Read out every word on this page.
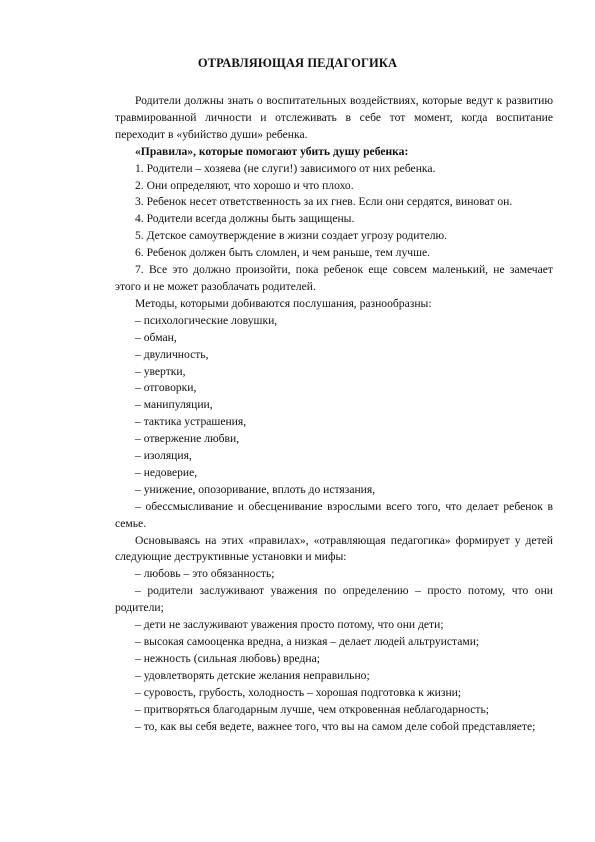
ОТРАВЛЯЮЩАЯ ПЕДАГОГИКА

Родители должны знать о воспитательных воздействиях, которые ведут к развитию травмированной личности и отслеживать в себе тот момент, когда воспитание переходит в «убийство души» ребенка.

«Правила», которые помогают убить душу ребенка:

1. Родители – хозяева (не слуги!) зависимого от них ребенка.

2. Они определяют, что хорошо и что плохо.

3. Ребенок несет ответственность за их гнев. Если они сердятся, виноват он.

4. Родители всегда должны быть защищены.

5. Детское самоутверждение в жизни создает угрозу родителю.

6. Ребенок должен быть сломлен, и чем раньше, тем лучше.

7. Все это должно произойти, пока ребенок еще совсем маленький, не замечает этого и не может разоблачать родителей.

Методы, которыми добиваются послушания, разнообразны:

– психологические ловушки,

– обман,

– двуличность,

– увертки,

– отговорки,

– манипуляции,

– тактика устрашения,

– отвержение любви,

– изоляция,

– недоверие,

– унижение, опозоривание, вплоть до истязания,

– обессмысливание и обесценивание взрослыми всего того, что делает ребенок в семье.

Основываясь на этих «правилах», «отравляющая педагогика» формирует у детей следующие деструктивные установки и мифы:

– любовь – это обязанность;

– родители заслуживают уважения по определению – просто потому, что они родители;

– дети не заслуживают уважения просто потому, что они дети;

– высокая самооценка вредна, а низкая – делает людей альтруистами;

– нежность (сильная любовь) вредна;

– удовлетворять детские желания неправильно;

– суровость, грубость, холодность – хорошая подготовка к жизни;

– притворяться благодарным лучше, чем откровенная неблагодарность;

– то, как вы себя ведете, важнее того, что вы на самом деле собой представляете;
